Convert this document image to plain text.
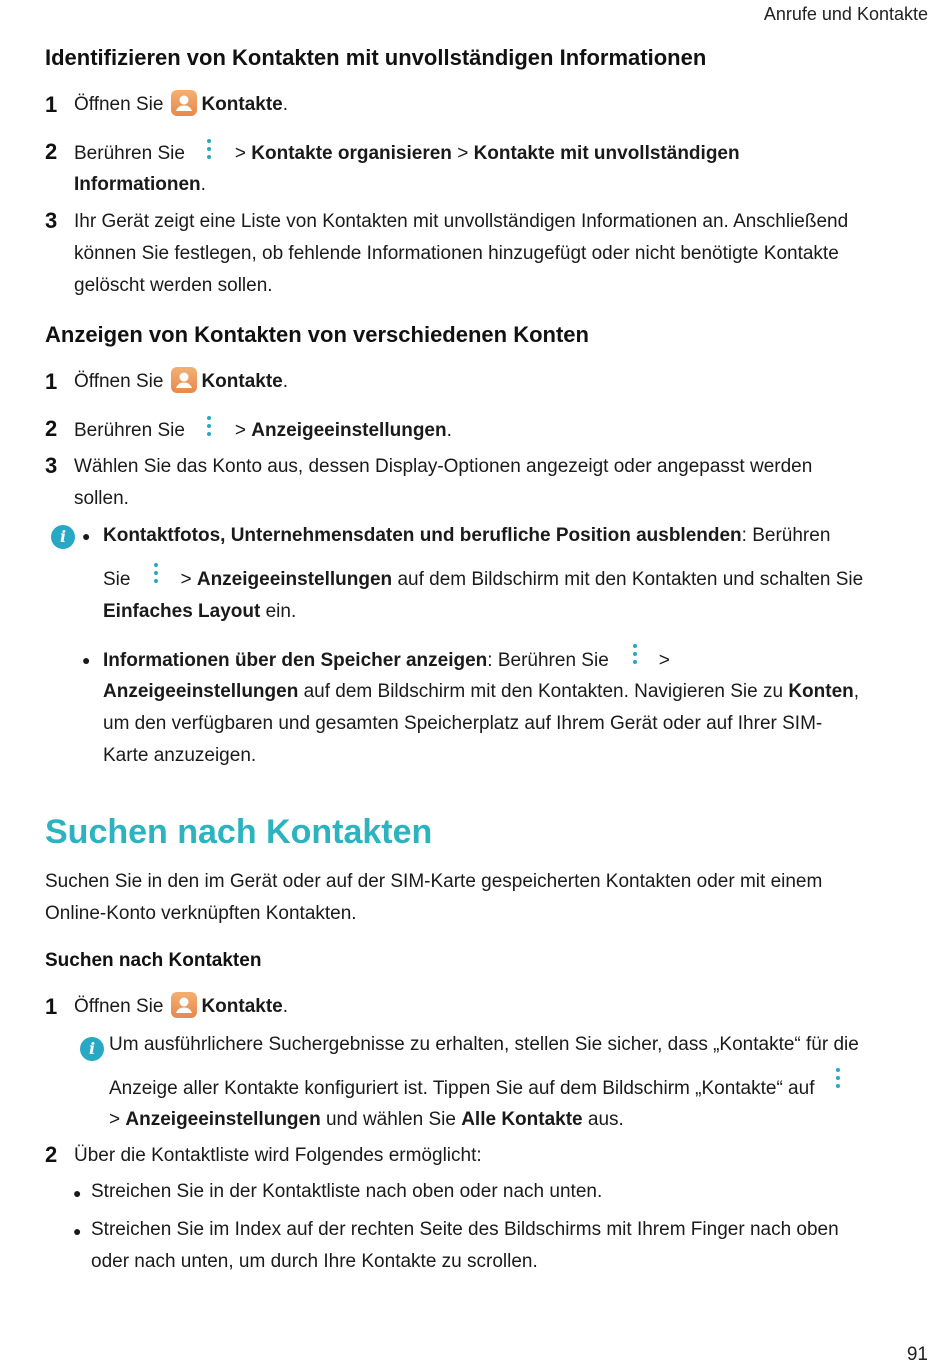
Anrufe und Kontakte
Identifizieren von Kontakten mit unvollständigen Informationen
1 Öffnen Sie Kontakte.
2 Berühren Sie	> Kontakte organisieren > Kontakte mit unvollständigen
Informationen.
3 Ihr Gerät zeigt eine Liste von Kontakten mit unvollständigen Informationen an. Anschließend
können Sie festlegen, ob fehlende Informationen hinzugefügt oder nicht benötigte Kontakte
gelöscht werden sollen.
Anzeigen von Kontakten von verschiedenen Konten
1 Öffnen Sie Kontakte.
2 Berühren Sie	> Anzeigeeinstellungen.
3 Wählen Sie das Konto aus, dessen Display-Optionen angezeigt oder angepasst werden
sollen.
i	● Kontaktfotos, Unternehmensdaten und berufliche Position ausblenden: Berühren
Sie	> Anzeigeeinstellungen auf dem Bildschirm mit den Kontakten und schalten Sie
Einfaches Layout ein.
● Informationen über den Speicher anzeigen: Berühren Sie	>
Anzeigeeinstellungen auf dem Bildschirm mit den Kontakten. Navigieren Sie zu Konten,
um den verfügbaren und gesamten Speicherplatz auf Ihrem Gerät oder auf Ihrer SIM-
Karte anzuzeigen.
Suchen nach Kontakten
Suchen Sie in den im Gerät oder auf der SIM-Karte gespeicherten Kontakten oder mit einem
Online-Konto verknüpften Kontakten.
Suchen nach Kontakten
1 Öffnen Sie Kontakte.
i Um ausführlichere Suchergebnisse zu erhalten, stellen Sie sicher, dass „Kontakte“ für die
Anzeige aller Kontakte konfiguriert ist. Tippen Sie auf dem Bildschirm „Kontakte“ auf
> Anzeigeeinstellungen und wählen Sie Alle Kontakte aus.
2 Über die Kontaktliste wird Folgendes ermöglicht:
● Streichen Sie in der Kontaktliste nach oben oder nach unten.
● Streichen Sie im Index auf der rechten Seite des Bildschirms mit Ihrem Finger nach oben
oder nach unten, um durch Ihre Kontakte zu scrollen.
91
